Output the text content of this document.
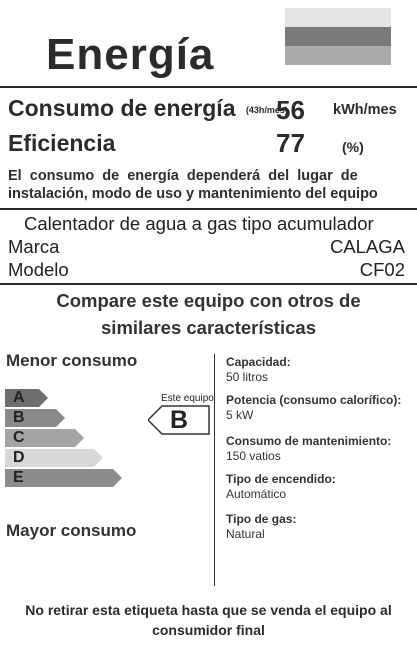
Energía
Consumo de energía (43h/mes)
56 kWh/mes
Eficiencia	77	(%)
El  consumo  de  energía  dependerá  del  lugar  de
instalación, modo de uso y mantenimiento del equipo
Calentador de agua a gas tipo acumulador
Marca	CALAGA
Modelo	CF02
Compare este equipo con otros de
similares características
Menor consumo
A
B
C
D
E
Mayor consumo
Este equipo
B
Capacidad:
50 litros
Potencia (consumo calorífico):
5 kW
Consumo de mantenimiento:
150 vatios
Tipo de encendido:
Automático
Tipo de gas:
Natural
No retirar esta etiqueta hasta que se venda el equipo al
consumidor final
